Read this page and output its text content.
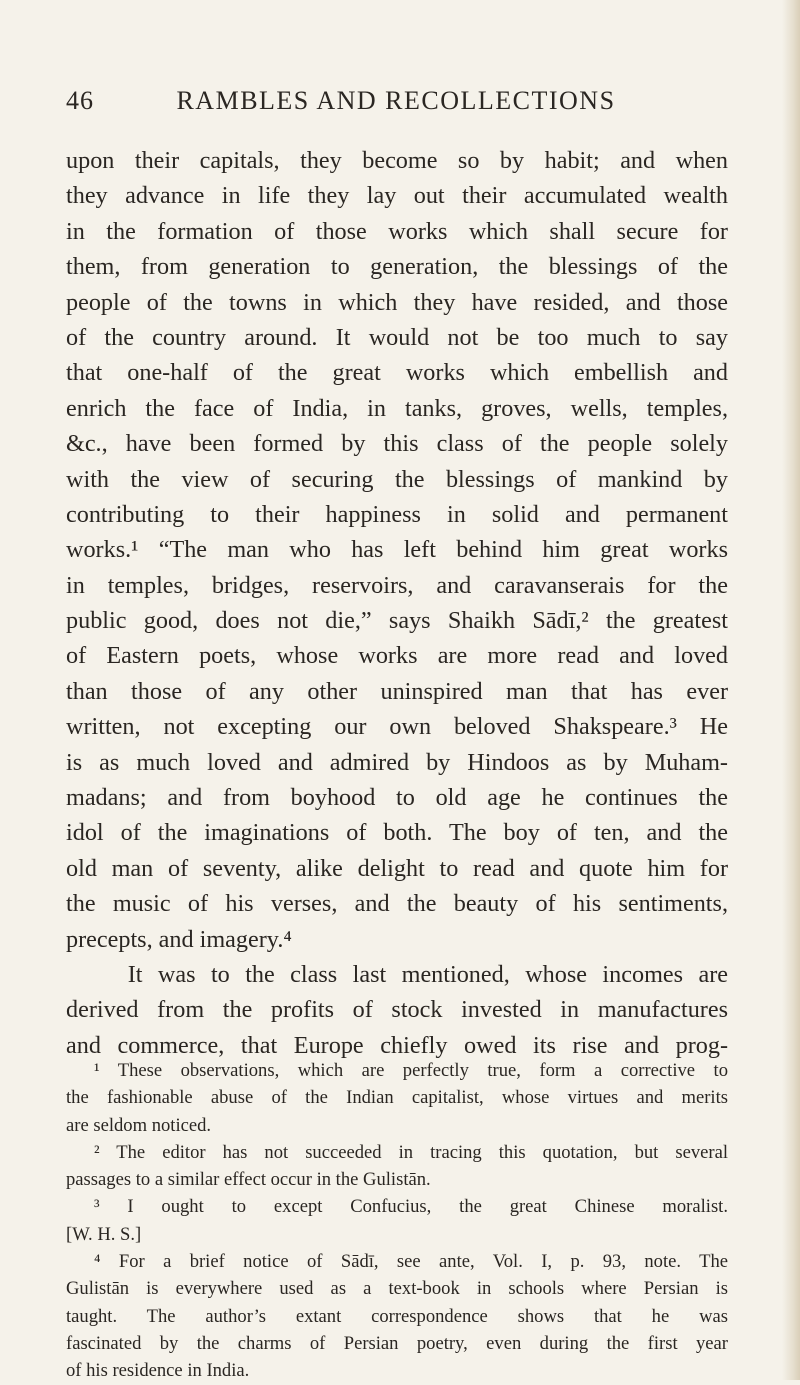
46	RAMBLES AND RECOLLECTIONS
upon their capitals, they become so by habit; and when
they advance in life they lay out their accumulated wealth
in the formation of those works which shall secure for
them, from generation to generation, the blessings of the
people of the towns in which they have resided, and those
of the country around. It would not be too much to say
that one-half of the great works which embellish and
enrich the face of India, in tanks, groves, wells, temples,
&c., have been formed by this class of the people solely
with the view of securing the blessings of mankind by
contributing to their happiness in solid and permanent
works.¹ “The man who has left behind him great works
in temples, bridges, reservoirs, and caravanserais for the
public good, does not die,” says Shaikh Sādī,² the greatest
of Eastern poets, whose works are more read and loved
than those of any other uninspired man that has ever
written, not excepting our own beloved Shakspeare.³ He
is as much loved and admired by Hindoos as by Muham-
madans; and from boyhood to old age he continues the
idol of the imaginations of both. The boy of ten, and the
old man of seventy, alike delight to read and quote him for
the music of his verses, and the beauty of his sentiments,
precepts, and imagery.⁴
It was to the class last mentioned, whose incomes are
derived from the profits of stock invested in manufactures
and commerce, that Europe chiefly owed its rise and prog-
¹ These observations, which are perfectly true, form a corrective to
the fashionable abuse of the Indian capitalist, whose virtues and merits
are seldom noticed.
² The editor has not succeeded in tracing this quotation, but several
passages to a similar effect occur in the Gulistān.
³ I ought to except Confucius, the great Chinese moralist.
[W. H. S.]
⁴ For a brief notice of Sādī, see ante, Vol. I, p. 93, note. The
Gulistān is everywhere used as a text-book in schools where Persian is
taught. The author’s extant correspondence shows that he was
fascinated by the charms of Persian poetry, even during the first year
of his residence in India.
